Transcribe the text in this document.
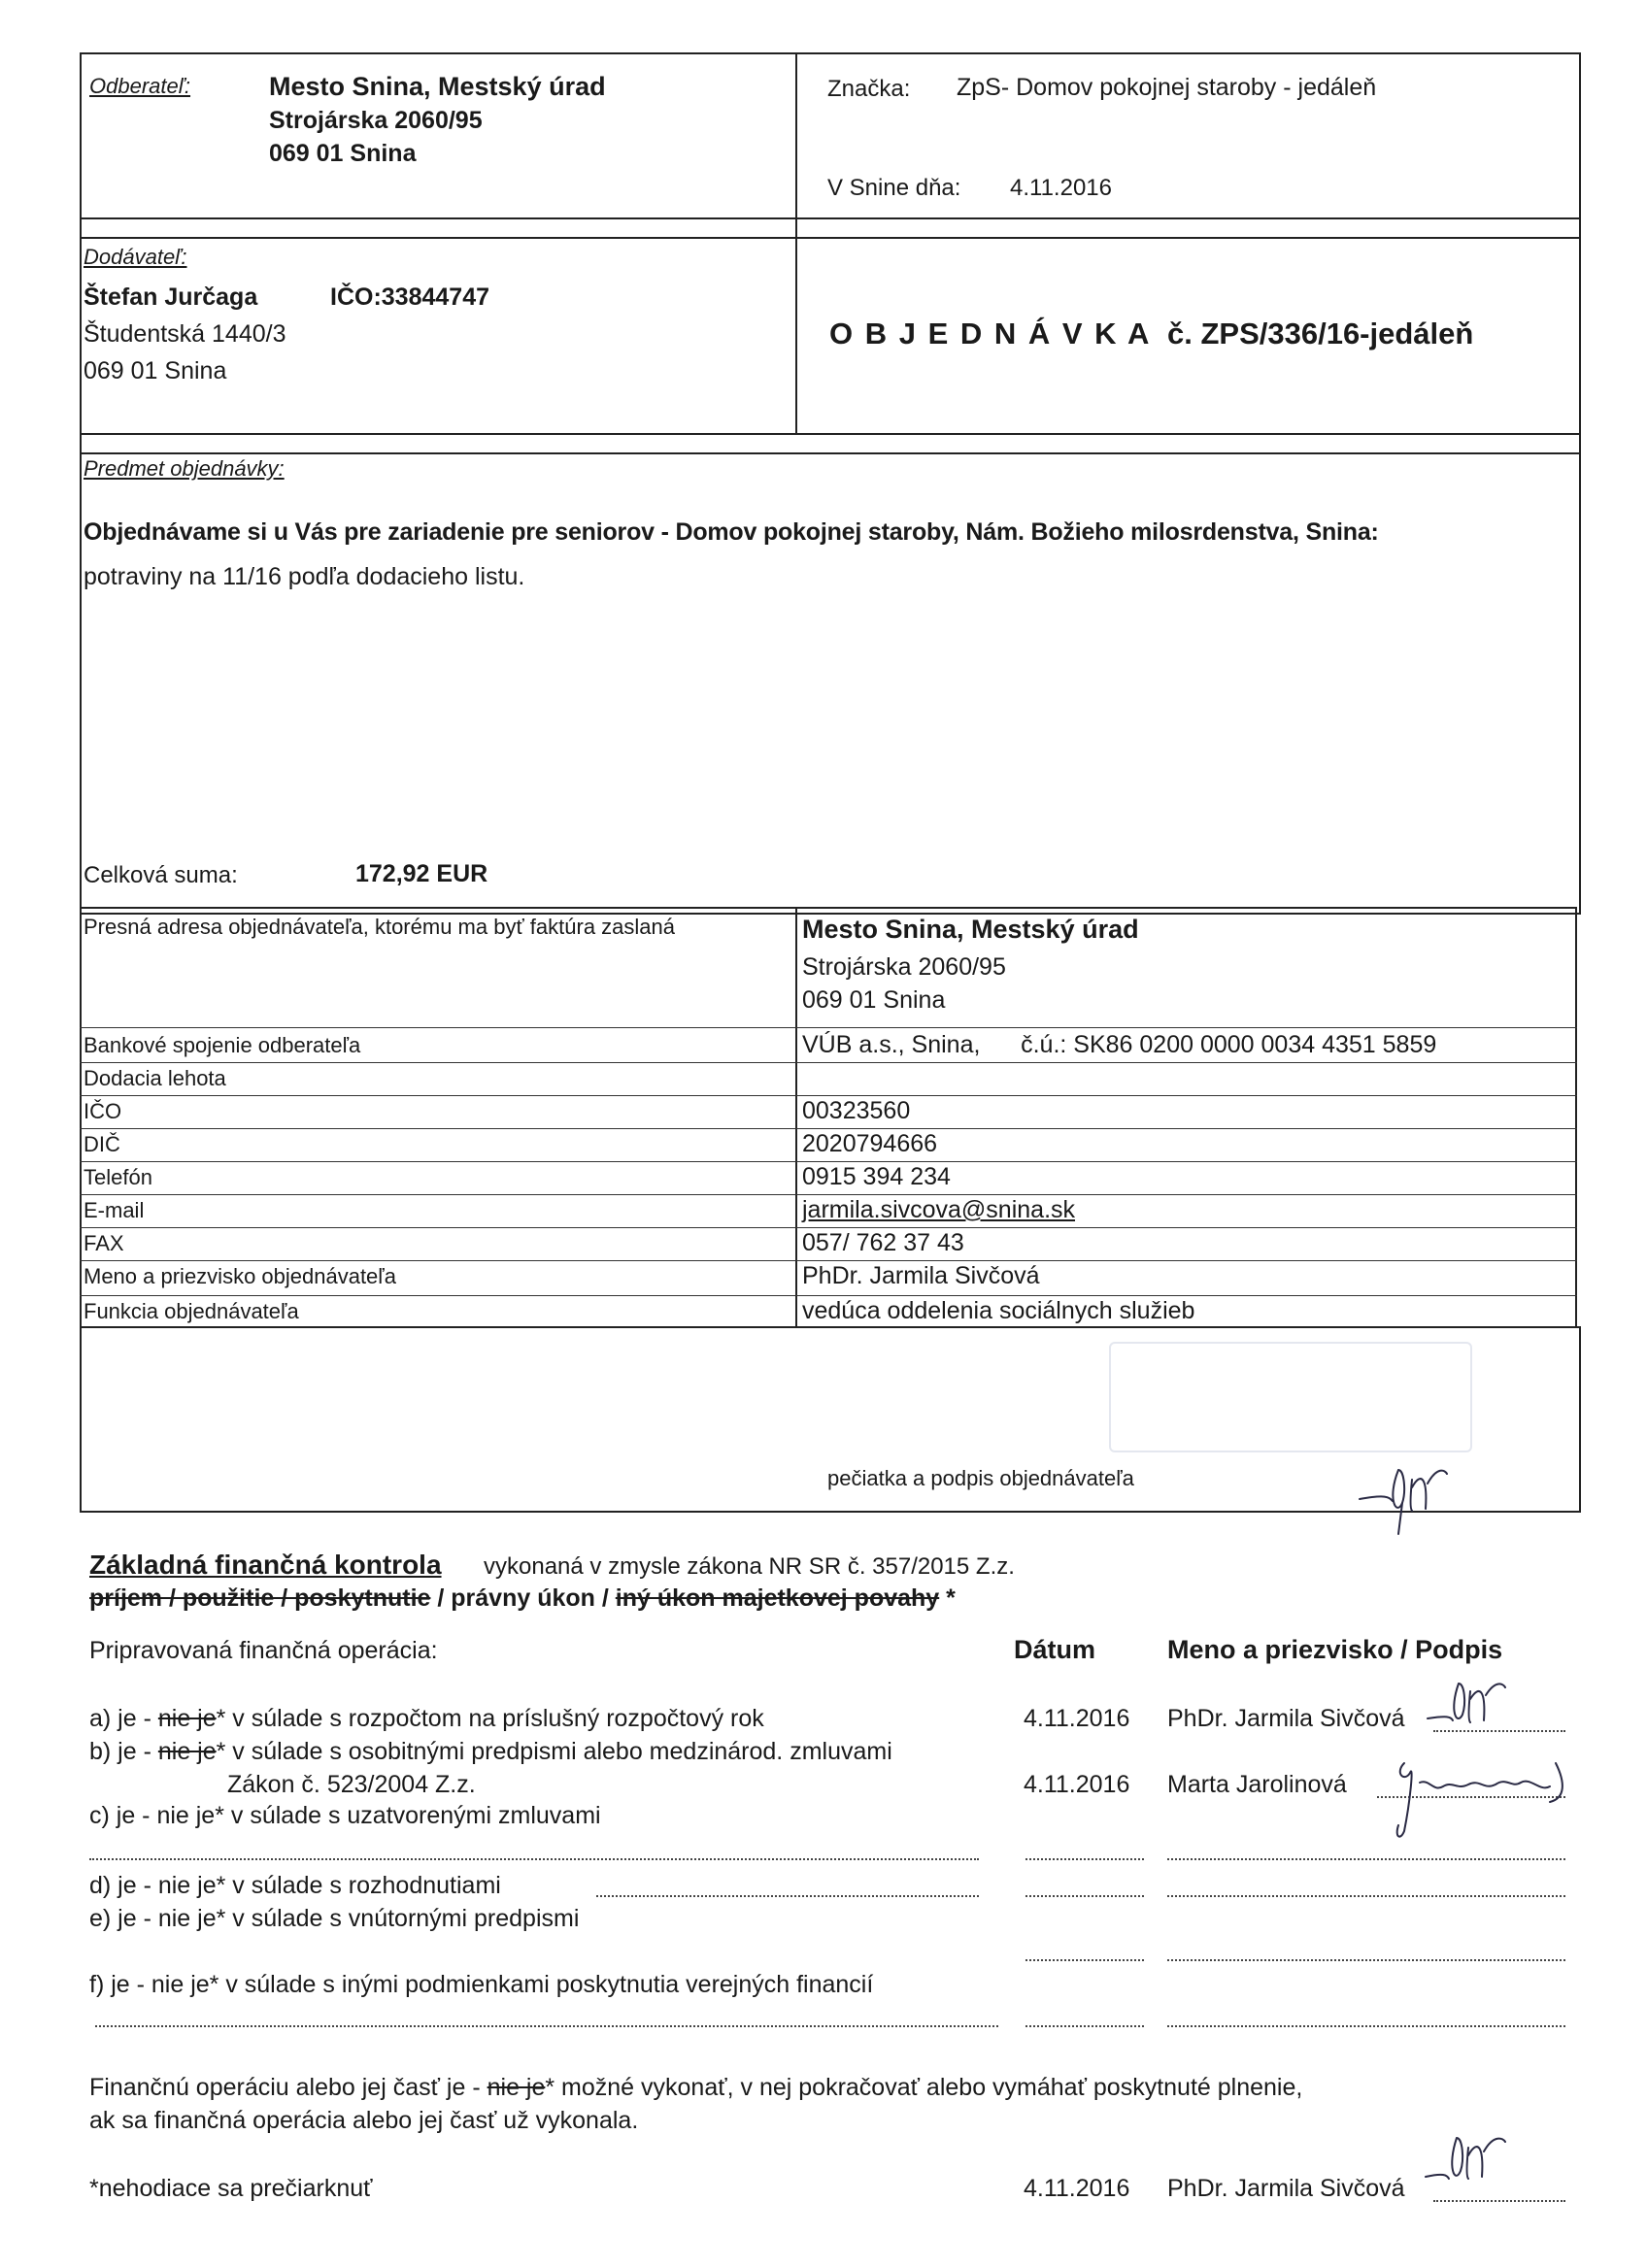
Odberateľ:	Mesto Snina, Mestský úrad
Strojárska 2060/95
069 01 Snina
Značka: ZpS- Domov pokojnej staroby - jedáleň
V Snine dňa: 4.11.2016
Dodávateľ:
Štefan Jurčaga	IČO:33844747
Študentská 1440/3
069 01 Snina
O B J E D N Á V K A č. ZPS/336/16-jedáleň
Predmet objednávky:
Objednávame si u Vás pre zariadenie pre seniorov - Domov pokojnej staroby, Nám. Božieho milosrdenstva, Snina:
potraviny na 11/16 podľa dodacieho listu.
Celková suma:	172,92 EUR
Presná adresa objednávateľa, ktorému ma byť faktúra zaslaná	Mesto Snina, Mestský úrad
Strojárska 2060/95
069 01 Snina
Bankové spojenie odberateľa	VÚB a.s., Snina,      č.ú.: SK86 0200 0000 0034 4351 5859
Dodacia lehota
IČO	00323560
DIČ	2020794666
Telefón	0915 394 234
E-mail	jarmila.sivcova@snina.sk
FAX	057/ 762 37 43
Meno a priezvisko objednávateľa	PhDr. Jarmila Sivčová
Funkcia objednávateľa	vedúca oddelenia sociálnych služieb
pečiatka a podpis objednávateľa
Základná finančná kontrola vykonaná v zmysle zákona NR SR č. 357/2015 Z.z.
príjem / použitie / poskytnutie / právny úkon / iný úkon majetkovej povahy *
Pripravovaná finančná operácia:	Dátum	Meno a priezvisko / Podpis
a) je - nie je* v súlade s rozpočtom na príslušný rozpočtový rok	4.11.2016 PhDr. Jarmila Sivčová
b) je - nie je* v súlade s osobitnými predpismi alebo medzinárod. zmluvami
Zákon č. 523/2004 Z.z.	4.11.2016 Marta Jarolinová
c) je - nie je* v súlade s uzatvorenými zmluvami
d) je - nie je* v súlade s rozhodnutiami
e) je - nie je* v súlade s vnútornými predpismi
f) je - nie je* v súlade s inými podmienkami poskytnutia verejných financií
Finančnú operáciu alebo jej časť je - nie je* možné vykonať, v nej pokračovať alebo vymáhať poskytnuté plnenie,
ak sa finančná operácia alebo jej časť už vykonala.
*nehodiace sa prečiarknuť	4.11.2016 PhDr. Jarmila Sivčová
